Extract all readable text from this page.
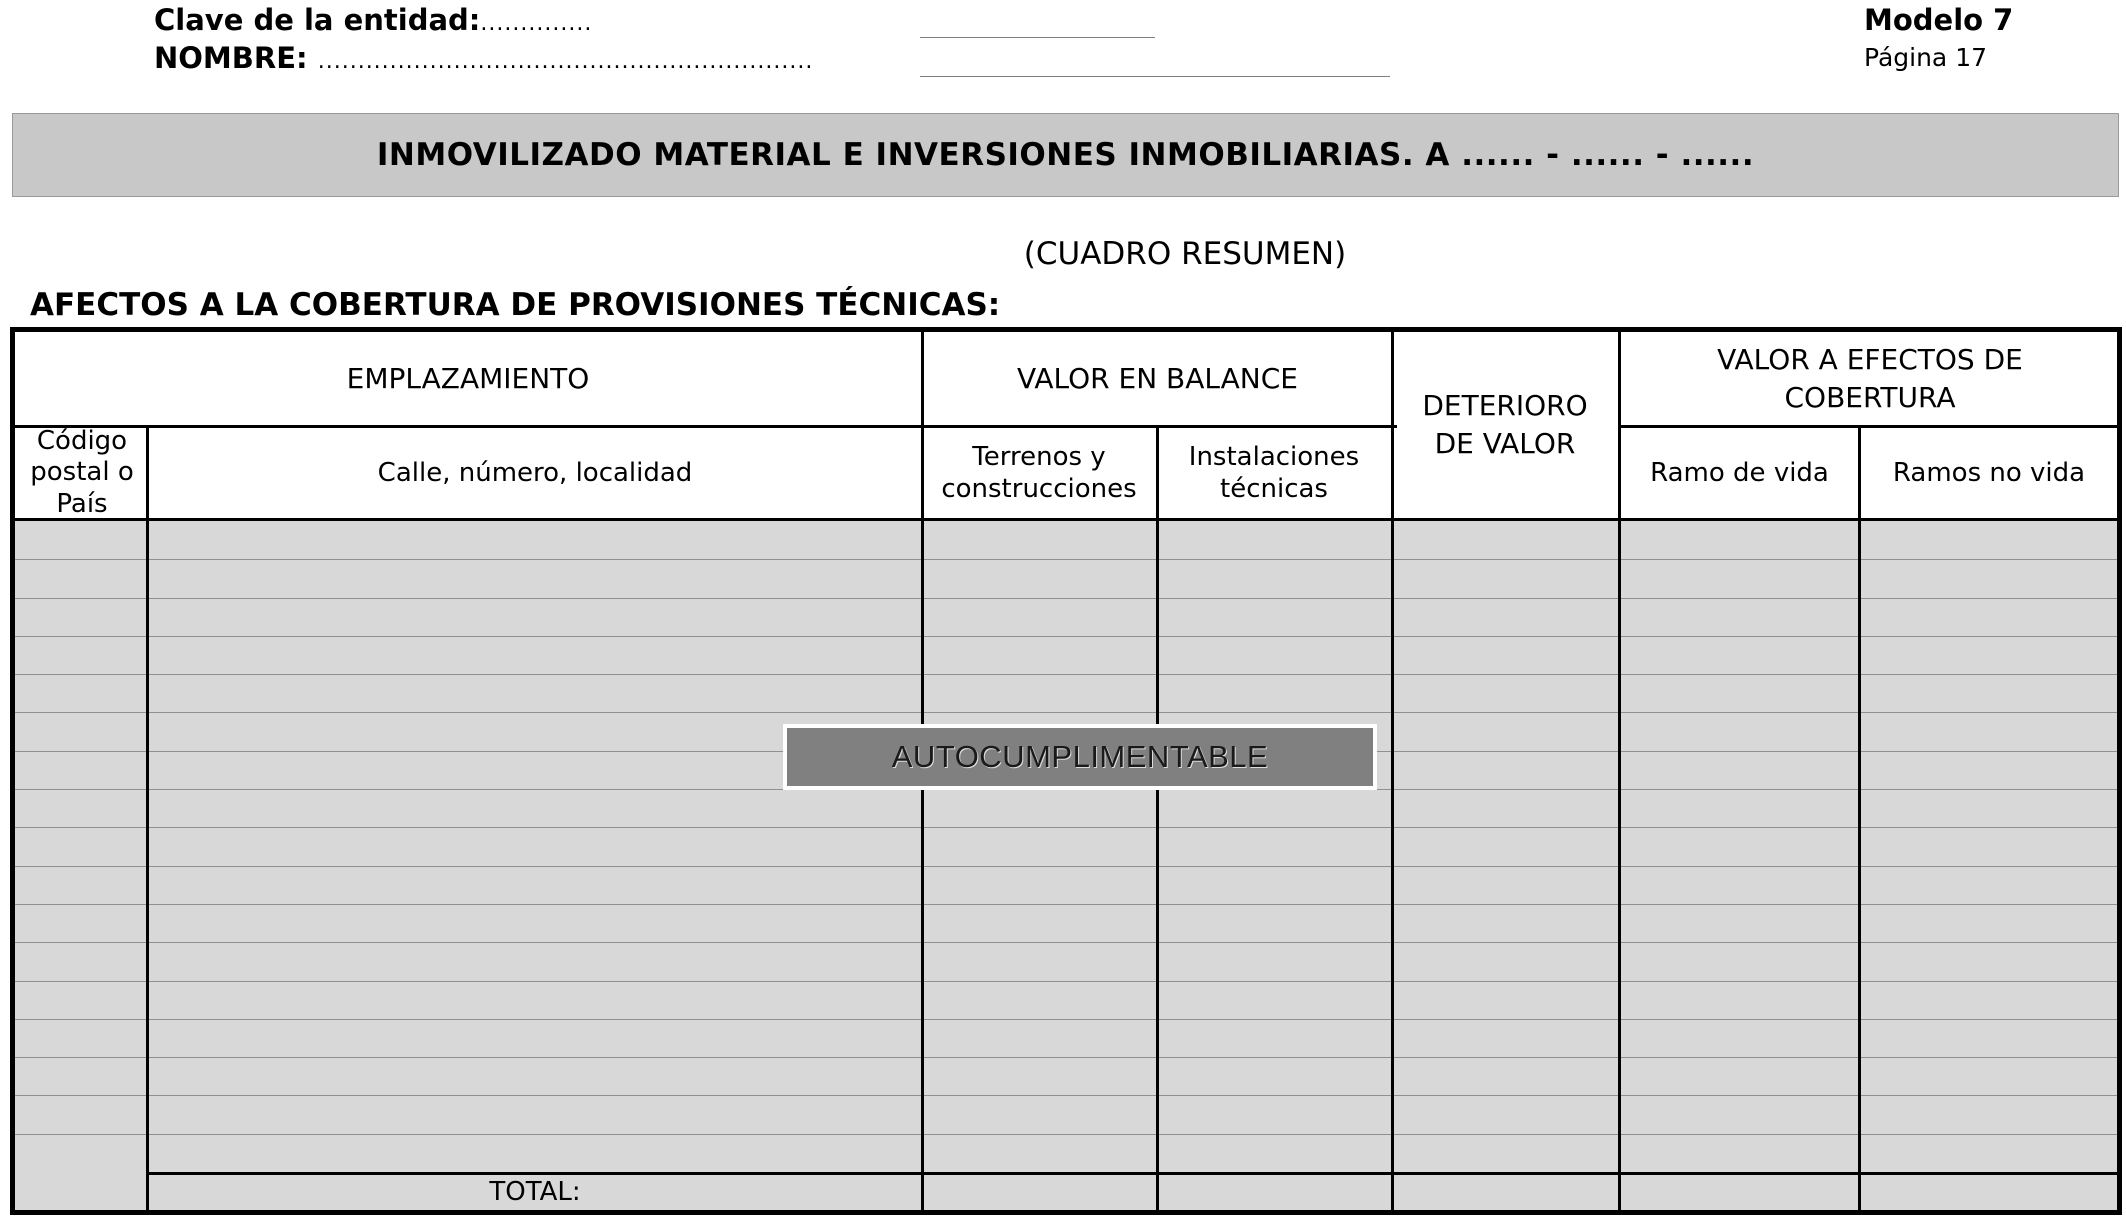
Clave de la entidad:..............
NOMBRE: ..............................................................
Modelo 7
Página 17
INMOVILIZADO MATERIAL E INVERSIONES INMOBILIARIAS. A ...... - ...... - ......
(CUADRO RESUMEN)
AFECTOS A LA COBERTURA DE PROVISIONES TÉCNICAS:
EMPLAZAMIENTO	VALOR EN BALANCE
DETERIORO DE VALOR
VALOR A EFECTOS DE COBERTURA
Código postal o País
Calle, número, localidad
Terrenos y construcciones
Instalaciones técnicas
Ramo de vida	Ramos no vida
TOTAL:
AUTOCUMPLIMENTABLE
